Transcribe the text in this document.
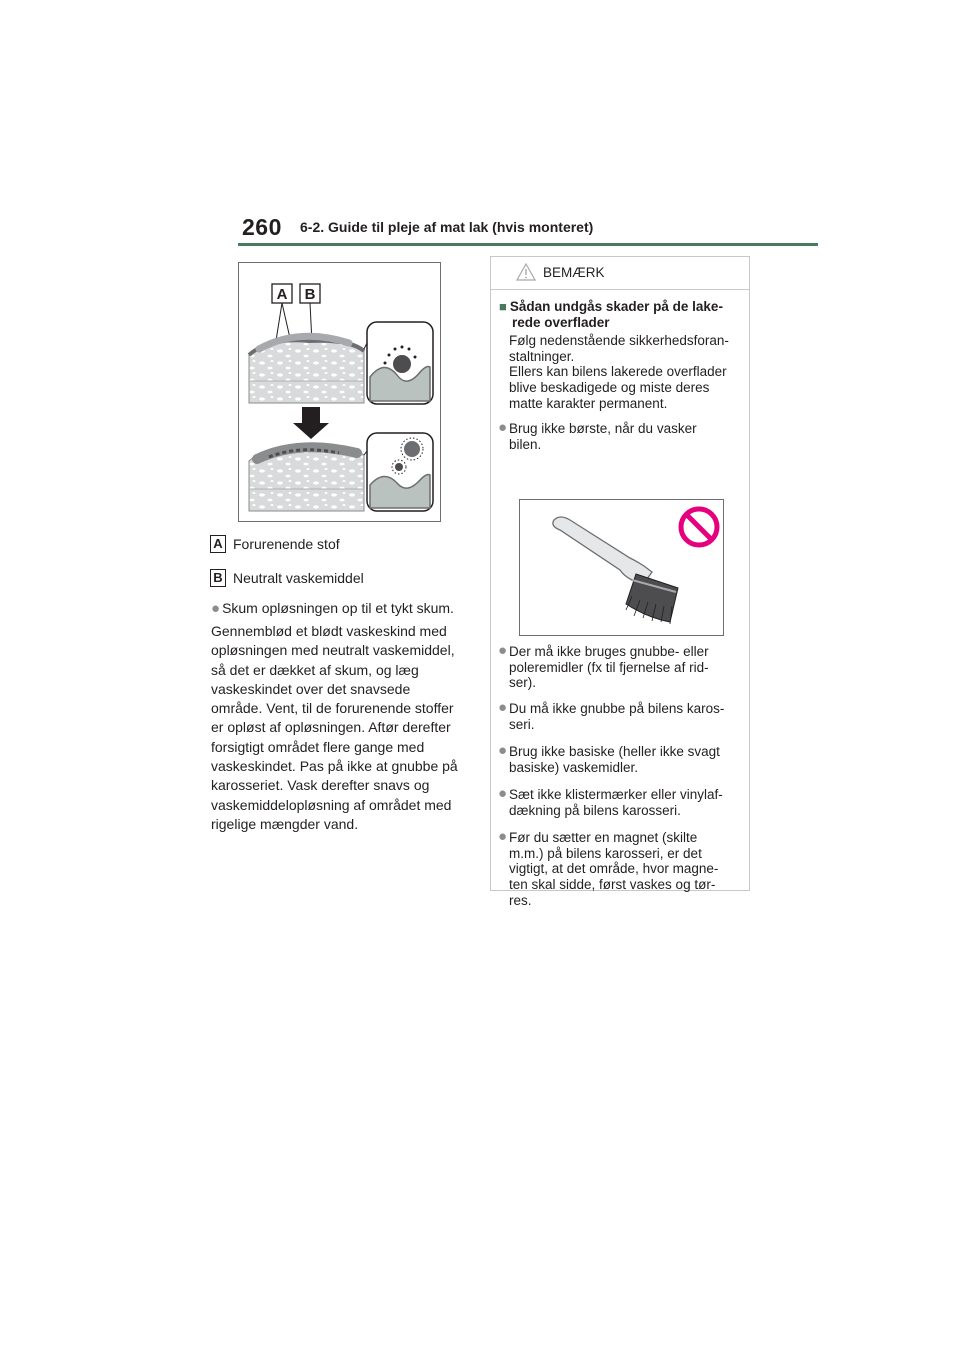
260 6-2. Guide til pleje af mat lak (hvis monteret)
A B
A Forurenende stof
B Neutralt vaskemiddel
● Skum opløsningen op til et tykt skum.
Gennemblød et blødt vaskeskind med
opløsningen med neutralt vaskemiddel,
så det er dækket af skum, og læg
vaskeskindet over det snavsede
område. Vent, til de forurenende stoffer
er opløst af opløsningen. Aftør derefter
forsigtigt området flere gange med
vaskeskindet. Pas på ikke at gnubbe på
karosseriet. Vask derefter snavs og
vaskemiddelopløsning af området med
rigelige mængder vand.
BEMÆRK
■ Sådan undgås skader på de lake-
rede overflader
Følg nedenstående sikkerhedsforan-
staltninger.
Ellers kan bilens lakerede overflader
blive beskadigede og miste deres
matte karakter permanent.
● Brug ikke børste, når du vasker
bilen.
● Der må ikke bruges gnubbe- eller
poleremidler (fx til fjernelse af rid-
ser).
● Du må ikke gnubbe på bilens karos-
seri.
● Brug ikke basiske (heller ikke svagt
basiske) vaskemidler.
● Sæt ikke klistermærker eller vinylaf-
dækning på bilens karosseri.
● Før du sætter en magnet (skilte
m.m.) på bilens karosseri, er det
vigtigt, at det område, hvor magne-
ten skal sidde, først vaskes og tør-
res.
